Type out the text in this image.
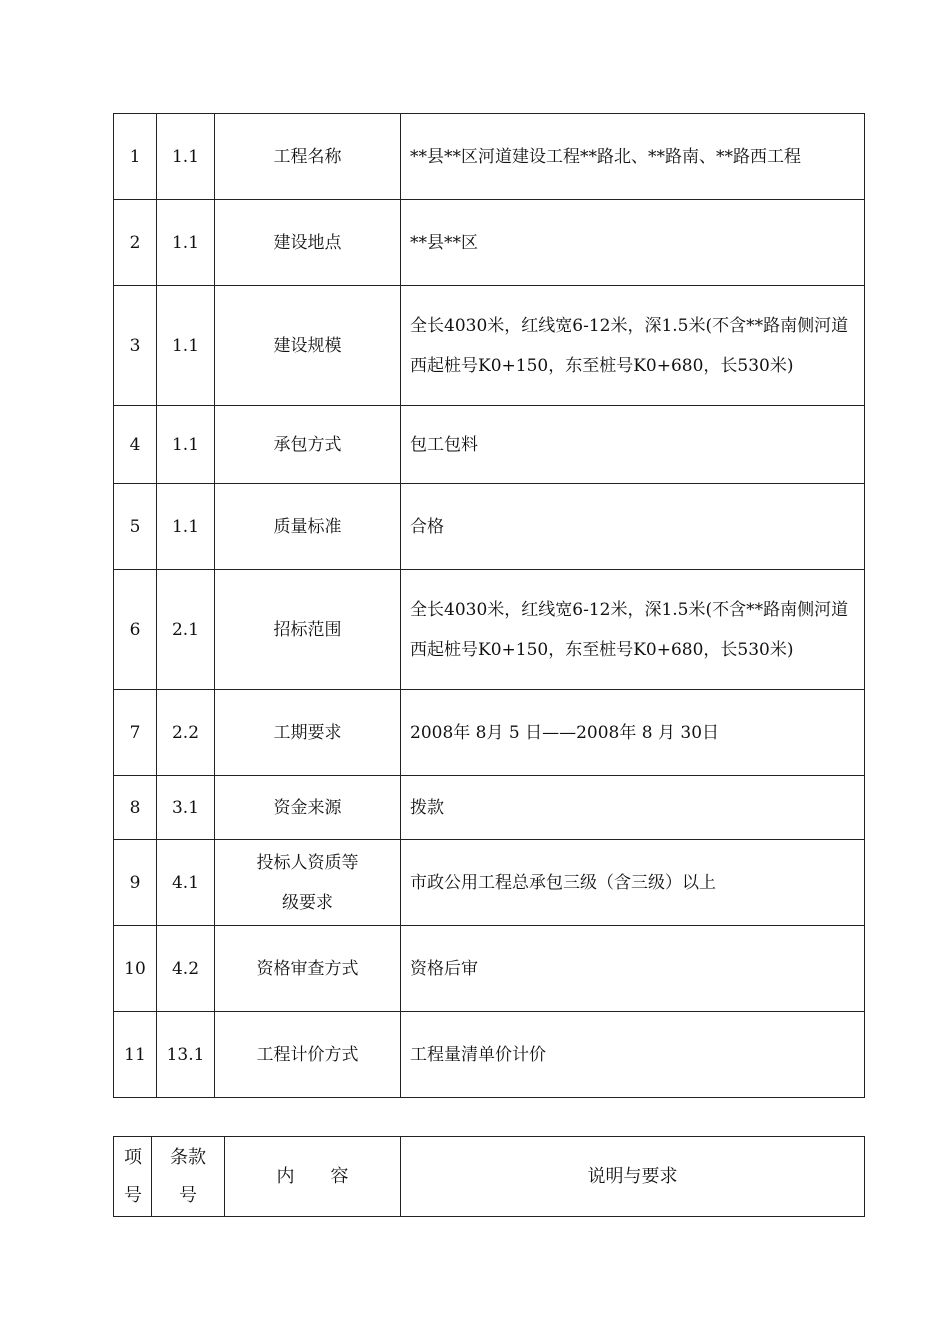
1	1.1	工程名称	**县**区河道建设工程**路北、**路南、**路西工程
2	1.1	建设地点	**县**区
3	1.1	建设规模	全长4030米，红线宽6-12米，深1.5米(不含**路南侧河道西起桩号K0+150，东至桩号K0+680，长530米)
4	1.1	承包方式	包工包料
5	1.1	质量标准	合格
6	2.1	招标范围	全长4030米，红线宽6-12米，深1.5米(不含**路南侧河道西起桩号K0+150，东至桩号K0+680，长530米)
7	2.2	工期要求	2008年 8月 5 日——2008年 8 月 30日
8	3.1	资金来源	拨款
9	4.1	投标人资质等级要求	市政公用工程总承包三级（含三级）以上
10	4.2	资格审查方式	资格后审
11	13.1	工程计价方式	工程量清单价计价
项号	条款号	内　　容	说明与要求
